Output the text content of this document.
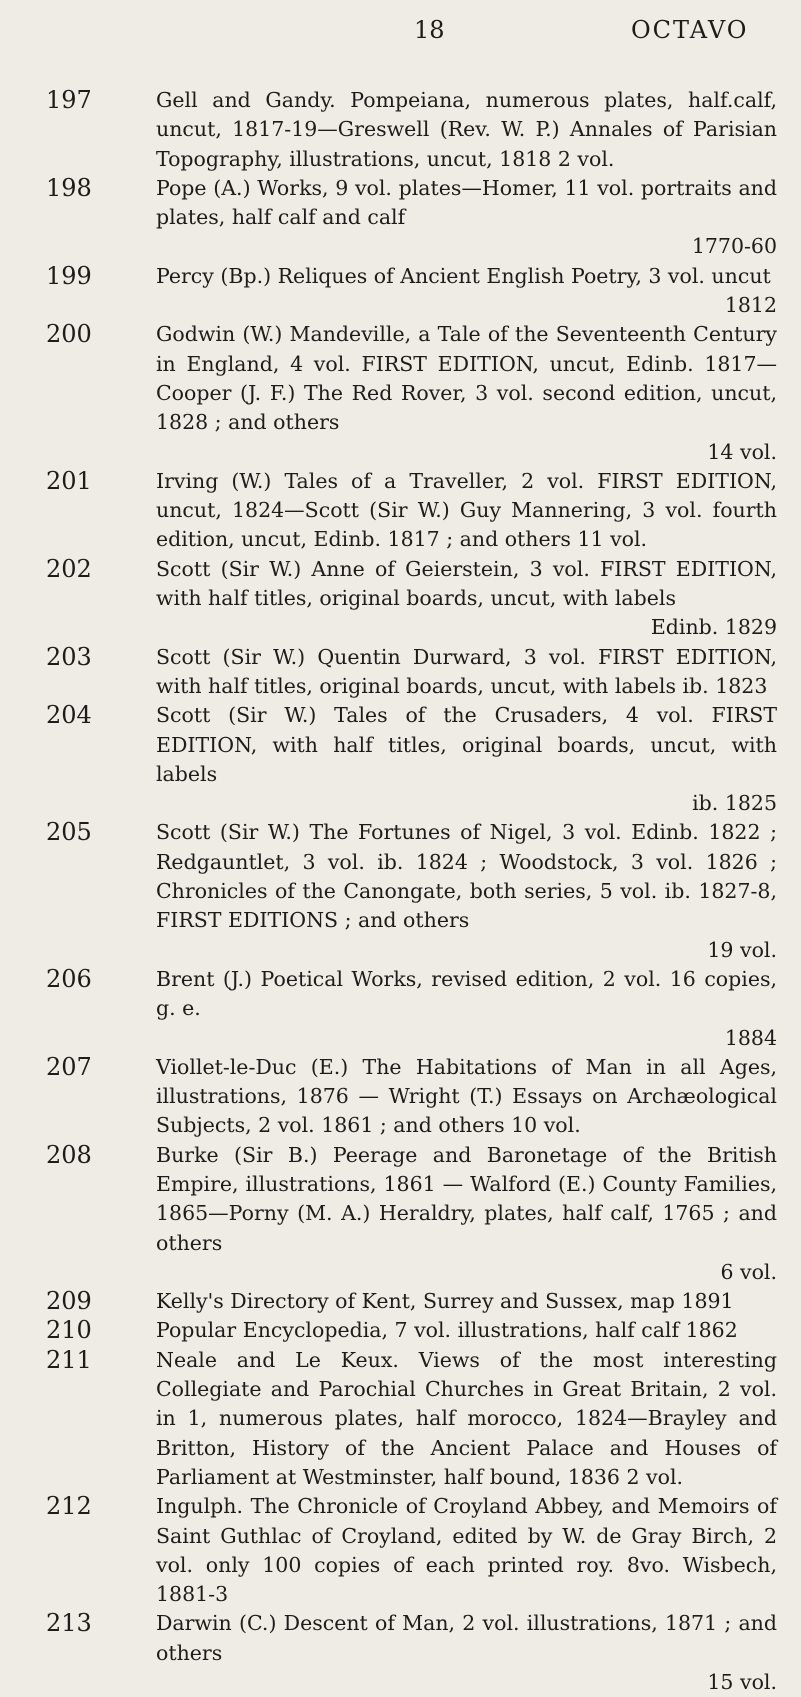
18	OCTAVO
197	Gell and Gandy. Pompeiana, numerous plates, half.calf, uncut, 1817-19—Greswell (Rev. W. P.) Annales of Parisian Topography, illustrations, uncut, 1818 2 vol.
198	Pope (A.) Works, 9 vol. plates—Homer, 11 vol. portraits and plates, half calf and calf
1770-60
199	Percy (Bp.) Reliques of Ancient English Poetry, 3 vol. uncut
1812
200	Godwin (W.) Mandeville, a Tale of the Seventeenth Century in England, 4 vol. FIRST EDITION, uncut, Edinb. 1817—Cooper (J. F.) The Red Rover, 3 vol. second edition, uncut, 1828 ; and others
14 vol.
201	Irving (W.) Tales of a Traveller, 2 vol. FIRST EDITION, uncut, 1824—Scott (Sir W.) Guy Mannering, 3 vol. fourth edition, uncut, Edinb. 1817 ; and others 11 vol.
202	Scott (Sir W.) Anne of Geierstein, 3 vol. FIRST EDITION, with half titles, original boards, uncut, with labels
Edinb. 1829
203	Scott (Sir W.) Quentin Durward, 3 vol. FIRST EDITION, with half titles, original boards, uncut, with labels ib. 1823
204	Scott (Sir W.) Tales of the Crusaders, 4 vol. FIRST EDITION, with half titles, original boards, uncut, with labels
ib. 1825
205	Scott (Sir W.) The Fortunes of Nigel, 3 vol. Edinb. 1822 ; Redgauntlet, 3 vol. ib. 1824 ; Woodstock, 3 vol. 1826 ; Chronicles of the Canongate, both series, 5 vol. ib. 1827-8, FIRST EDITIONS ; and others
19 vol.
206	Brent (J.) Poetical Works, revised edition, 2 vol. 16 copies, g. e.
1884
207	Viollet-le-Duc (E.) The Habitations of Man in all Ages, illustrations, 1876 — Wright (T.) Essays on Archæological Subjects, 2 vol. 1861 ; and others 10 vol.
208	Burke (Sir B.) Peerage and Baronetage of the British Empire, illustrations, 1861 — Walford (E.) County Families, 1865—Porny (M. A.) Heraldry, plates, half calf, 1765 ; and others
6 vol.
209	Kelly's Directory of Kent, Surrey and Sussex, map 1891
210	Popular Encyclopedia, 7 vol. illustrations, half calf 1862
211	Neale and Le Keux. Views of the most interesting Collegiate and Parochial Churches in Great Britain, 2 vol. in 1, numerous plates, half morocco, 1824—Brayley and Britton, History of the Ancient Palace and Houses of Parliament at Westminster, half bound, 1836 2 vol.
212	Ingulph. The Chronicle of Croyland Abbey, and Memoirs of Saint Guthlac of Croyland, edited by W. de Gray Birch, 2 vol. only 100 copies of each printed roy. 8vo. Wisbech, 1881-3
213	Darwin (C.) Descent of Man, 2 vol. illustrations, 1871 ; and others
15 vol.
